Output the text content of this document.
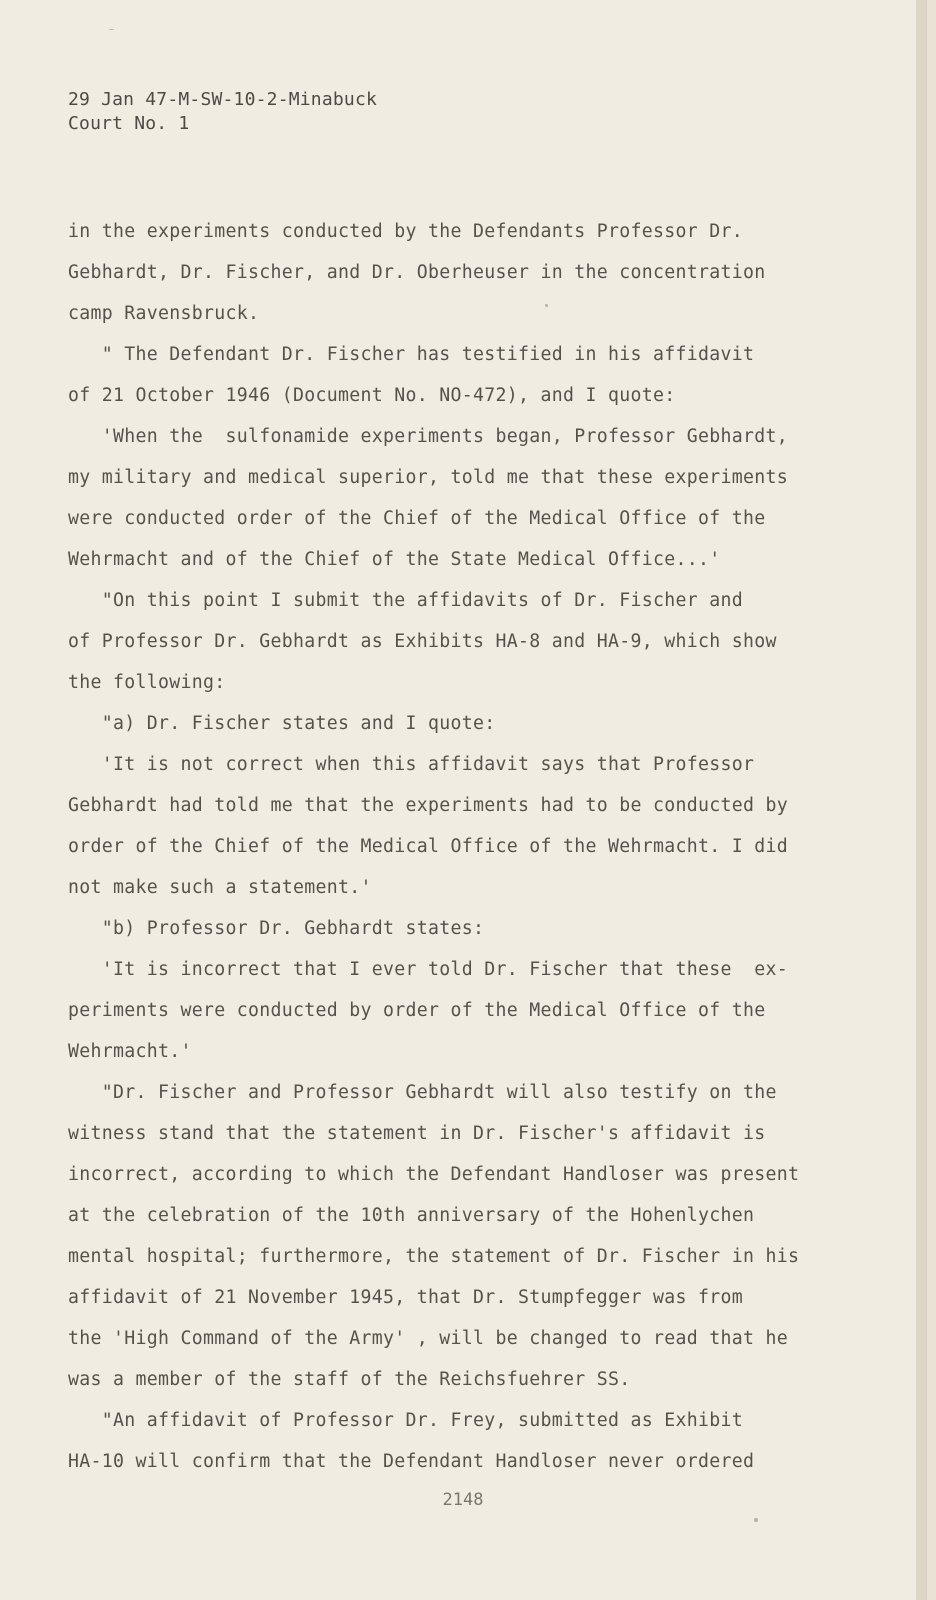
29 Jan 47-M-SW-10-2-Minabuck
Court No. 1
in the experiments conducted by the Defendants Professor Dr.
Gebhardt, Dr. Fischer, and Dr. Oberheuser in the concentration
camp Ravensbruck.
" The Defendant Dr. Fischer has testified in his affidavit
of 21 October 1946 (Document No. NO-472), and I quote:
'When the  sulfonamide experiments began, Professor Gebhardt,
my military and medical superior, told me that these experiments
were conducted order of the Chief of the Medical Office of the
Wehrmacht and of the Chief of the State Medical Office...'
"On this point I submit the affidavits of Dr. Fischer and
of Professor Dr. Gebhardt as Exhibits HA-8 and HA-9, which show
the following:
"a) Dr. Fischer states and I quote:
'It is not correct when this affidavit says that Professor
Gebhardt had told me that the experiments had to be conducted by
order of the Chief of the Medical Office of the Wehrmacht. I did
not make such a statement.'
"b) Professor Dr. Gebhardt states:
'It is incorrect that I ever told Dr. Fischer that these  ex-
periments were conducted by order of the Medical Office of the
Wehrmacht.'
"Dr. Fischer and Professor Gebhardt will also testify on the
witness stand that the statement in Dr. Fischer's affidavit is
incorrect, according to which the Defendant Handloser was present
at the celebration of the 10th anniversary of the Hohenlychen
mental hospital; furthermore, the statement of Dr. Fischer in his
affidavit of 21 November 1945, that Dr. Stumpfegger was from
the 'High Command of the Army' , will be changed to read that he
was a member of the staff of the Reichsfuehrer SS.
"An affidavit of Professor Dr. Frey, submitted as Exhibit
HA-10 will confirm that the Defendant Handloser never ordered
2148
